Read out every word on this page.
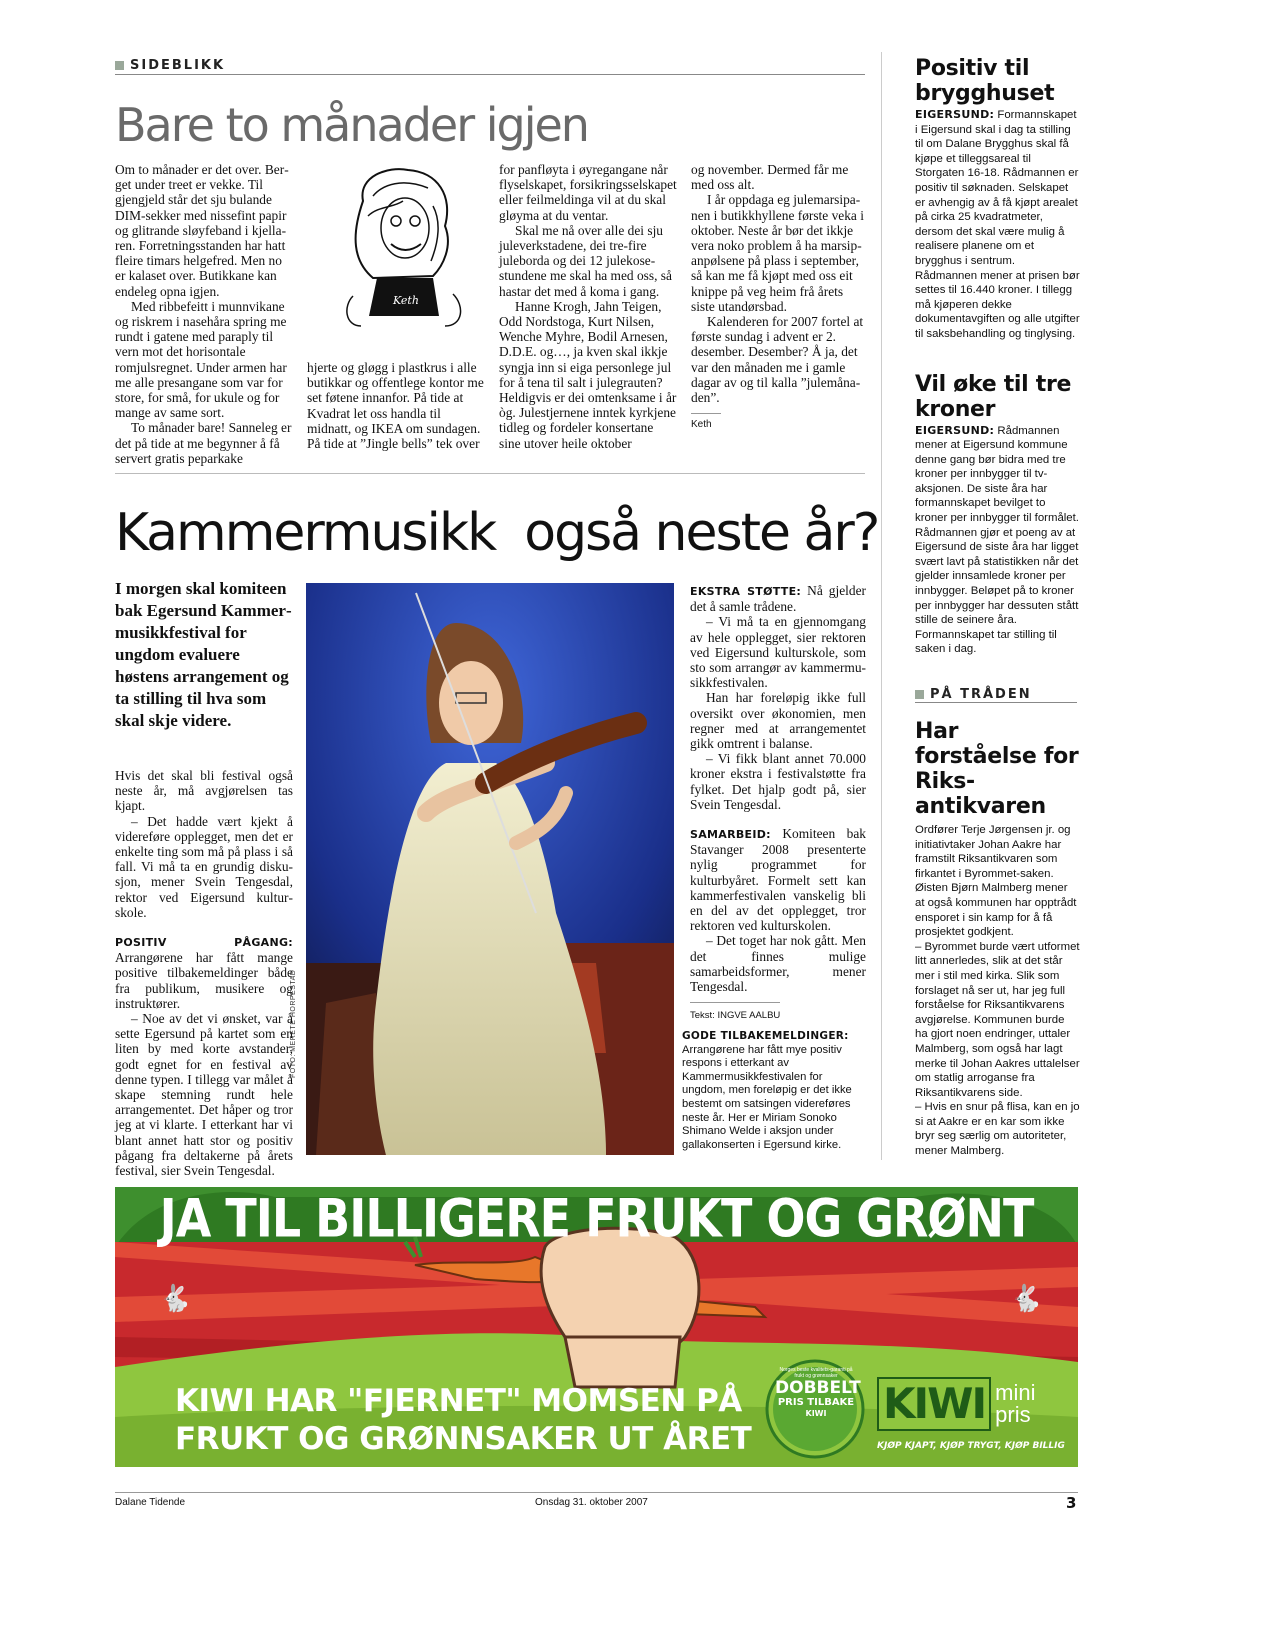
SIDEBLIKK
Bare to månader igjen

Om to månader er det over. Berget under treet er vekke. Til gjengjeld står det sju bulande DIM-sekker med nissefint papir og glitrande sløyfeband i kjellaren. Forretningsstanden har hatt fleire timars helgefred. Men no er kalaset over. Butikkane kan endeleg opna igjen.

Med ribbefeitt i munnvikane og riskrem i nasehåra spring me rundt i gatene med paraply til vern mot det horisontale romjulsregnet. Under armen har me alle presangane som var for store, for små, for ukule og for mange av same sort.

To månader bare! Sanneleg er det på tide at me begynner å få servert gratis peparkake

Keth

hjerte og gløgg i plastkrus i alle butikkar og offentlege kontor me set føtene innanfor. På tide at Kvadrat let oss handla til midnatt, og IKEA om sundagen. På tide at ”Jingle bells” tek over

for panfløyta i øyregangane når flyselskapet, forsikringsselskapet eller feilmeldinga vil at du skal gløyma at du ventar.

Skal me nå over alle dei sju juleverkstadene, dei tre-fire juleborda og dei 12 julekosestundene me skal ha med oss, så hastar det med å koma i gang.

Hanne Krogh, Jahn Teigen, Odd Nordstoga, Kurt Nilsen, Wenche Myhre, Bodil Arnesen, D.D.E. og…, ja kven skal ikkje syngja inn si eiga personlege jul for å tena til salt i julegrauten? Heldigvis er dei omtenksame i år òg. Julestjernene inntek kyrkjene tidleg og fordeler konsertane sine utover heile oktober

og november. Dermed får me med oss alt.

I år oppdaga eg julemarsipanen i butikkhyllene første veka i oktober. Neste år bør det ikkje vera noko problem å ha marsipanpølsene på plass i september, så kan me få kjøpt med oss eit knippe på veg heim frå årets siste utandørsbad.

Kalenderen for 2007 fortel at første sundag i advent er 2. desember. Desember? Å ja, det var den månaden me i gamle dagar av og til kalla ”julemånaden”.

Keth
Kammermusikk  også neste år?
I morgen skal komiteen bak Egersund Kammermusikkfestival for ungdom evaluere høstens arrangement og ta stilling til hva som skal skje videre.

Hvis det skal bli festival også neste år, må avgjørelsen tas kjapt.

– Det hadde vært kjekt å videreføre opplegget, men det er enkelte ting som må på plass i så fall. Vi må ta en grundig diskusjon, mener Svein Tengesdal, rektor ved Eigersund kulturskole.

POSITIV PÅGANG: Arrangørene har fått mange positive tilbakemeldinger både fra publikum, musikere og instruktører.

– Noe av det vi ønsket, var å sette Egersund på kartet som en liten by med korte avstander, godt egnet for en festival av denne typen. I tillegg var målet å skape stemning rundt hele arrangementet. Det håper og tror jeg at vi klarte. I etterkant har vi blant annet hatt stor og positiv pågang fra deltakerne på årets festival, sier Svein Tengesdal.

FOTO: MERETE HORPESTAD

EKSTRA STØTTE: Nå gjelder det å samle trådene.

– Vi må ta en gjennomgang av hele opplegget, sier rektoren ved Eigersund kulturskole, som sto som arrangør av kammermusikkfestivalen.

Han har foreløpig ikke full oversikt over økonomien, men regner med at arrangementet gikk omtrent i balanse.

– Vi fikk blant annet 70.000 kroner ekstra i festivalstøtte fra fylket. Det hjalp godt på, sier Svein Tengesdal.

SAMARBEID: Komiteen bak Stavanger 2008 presenterte nylig programmet for kulturbyåret. Formelt sett kan kammerfestivalen vanskelig bli en del av det opplegget, tror rektoren ved kulturskolen.

– Det toget har nok gått. Men det finnes mulige samarbeidsformer, mener Tengesdal.

Tekst: INGVE AALBU
GODE TILBAKEMELDINGER:
Arrangørene har fått mye positiv respons i etterkant av Kammermusikkfestivalen for ungdom, men foreløpig er det ikke bestemt om satsingen videreføres neste år. Her er Miriam Sonoko Shimano Welde i aksjon under gallakonserten i Egersund kirke.
Positiv til brygghuset

EIGERSUND: Formannskapet i Eigersund skal i dag ta stilling til om Dalane Brygghus skal få kjøpe et tilleggsareal til Storgaten 16-18. Rådmannen er positiv til søknaden. Selskapet er avhengig av å få kjøpt arealet på cirka 25 kvadratmeter, dersom det skal være mulig å realisere planene om et brygghus i sentrum.

Rådmannen mener at prisen bør settes til 16.440 kroner. I tillegg må kjøperen dekke dokumentavgiften og alle utgifter til saksbehandling og tinglysing.

Vil øke til tre kroner

EIGERSUND: Rådmannen mener at Eigersund kommune denne gang bør bidra med tre kroner per innbygger til tv-aksjonen. De siste åra har formannskapet bevilget to kroner per innbygger til formålet.

Rådmannen gjør et poeng av at Eigersund de siste åra har ligget svært lavt på statistikken når det gjelder innsamlede kroner per innbygger. Beløpet på to kroner per innbygger har dessuten stått stille de seinere åra.

Formannskapet tar stilling til saken i dag.

PÅ TRÅDEN
Har forståelse for Riksantikvaren

Ordfører Terje Jørgensen jr. og initiativtaker Johan Aakre har framstilt Riksantikvaren som firkantet i Byrommet-saken. Øisten Bjørn Malmberg mener at også kommunen har opptrådt ensporet i sin kamp for å få prosjektet godkjent.

– Byrommet burde vært utformet litt annerledes, slik at det står mer i stil med kirka. Slik som forslaget nå ser ut, har jeg full forståelse for Riksantikvarens avgjørelse. Kommunen burde ha gjort noen endringer, uttaler Malmberg, som også har lagt merke til Johan Aakres uttalelser om statlig arroganse fra Riksantikvarens side.

– Hvis en snur på flisa, kan en jo si at Aakre er en kar som ikke bryr seg særlig om autoriteter, mener Malmberg.

🐇	🐇
JA TIL BILLIGERE FRUKT OG GRØNT
KIWI HAR "FJERNET" MOMSEN PÅ
FRUKT OG GRØNNSAKER UT ÅRET
Norges beste kvalitets-garanti på frukt og grønnsaker
DOBBELT
PRIS TILBAKE
KIWI	KIWI mini
pris
KJØP KJAPT, KJØP TRYGT, KJØP BILLIG
Dalane Tidende	Onsdag 31. oktober 2007	3
